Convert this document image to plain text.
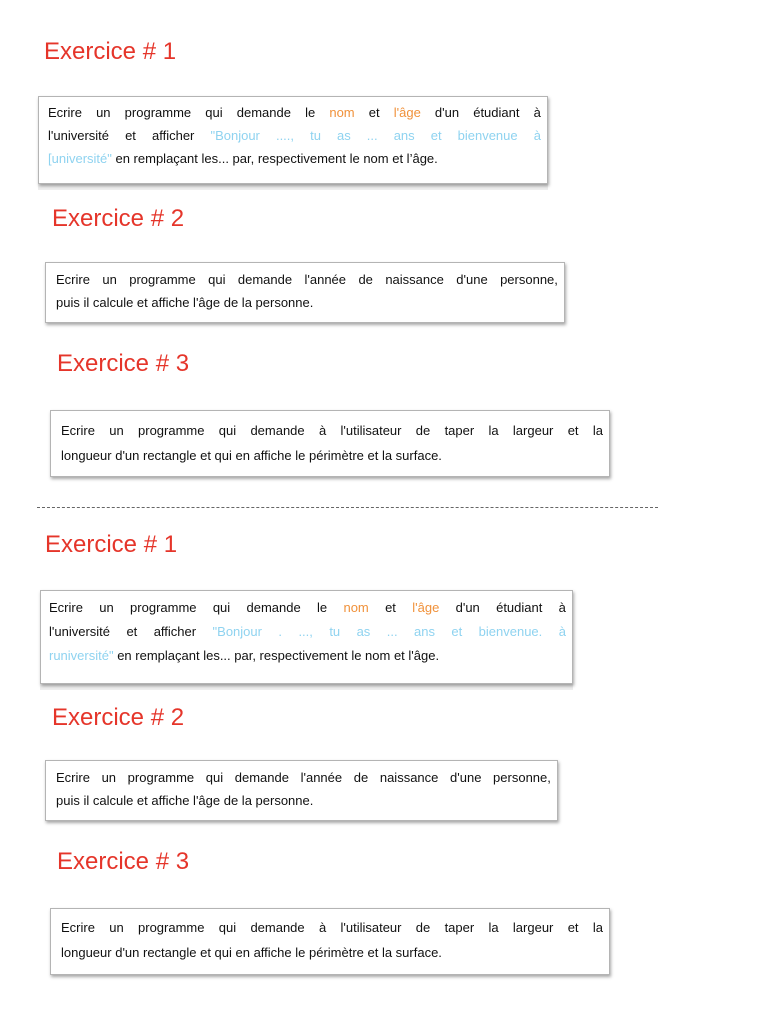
Exercice # 1
Ecrire un programme qui demande le nom et l'âge d'un étudiant à
l'université et afficher "Bonjour ...., tu as ... ans et bienvenue à
[université" en remplaçant les... par, respectivement le nom et l’âge.
Exercice # 2
Ecrire un programme qui demande l'année de naissance d'une personne,
puis il calcule et affiche l'âge de la personne.
Exercice # 3
Ecrire un programme qui demande à l'utilisateur de taper la largeur et la
longueur d'un rectangle et qui en affiche le périmètre et la surface.
Exercice # 1
Ecrire un programme qui demande le nom et l'âge d'un étudiant à
l'université et afficher "Bonjour . ..., tu as ... ans et bienvenue. à
runiversité" en remplaçant les... par, respectivement le nom et l'âge.
Exercice # 2
Ecrire un programme qui demande l'année de naissance d'une personne,
puis il calcule et affiche l'âge de la personne.
Exercice # 3
Ecrire un programme qui demande à l'utilisateur de taper la largeur et la
longueur d'un rectangle et qui en affiche le périmètre et la surface.
